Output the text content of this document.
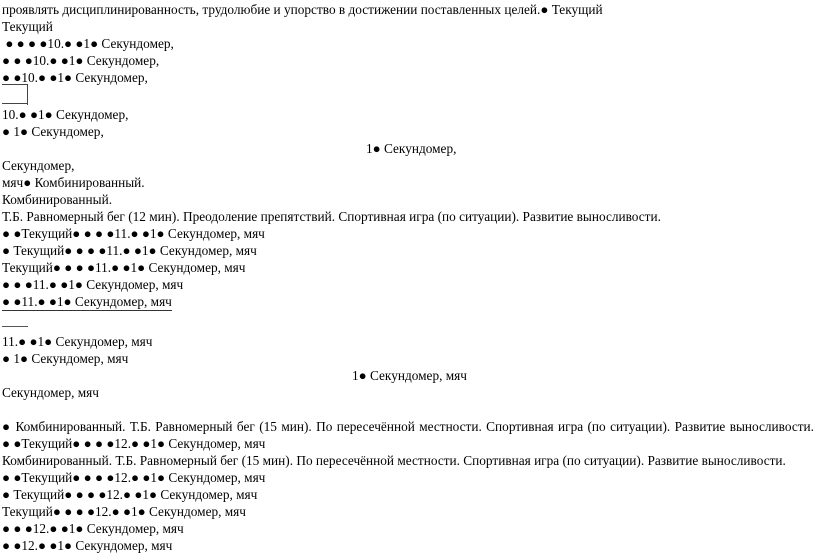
проявлять дисциплинированность, трудолюбие и упорство в достижении поставленных целей.● Текущий
Текущий
● ● ● ●10.● ●1● Секундомер,
● ● ●10.● ●1● Секундомер,
● ●10.● ●1● Секундомер,
10.● ●1● Секундомер,
● 1● Секундомер,
1● Секундомер,
Секундомер,
мяч● Комбинированный.
Комбинированный.
Т.Б. Равномерный бег (12 мин). Преодоление препятствий. Спортивная игра (по ситуации). Развитие выносливости.
● ●Текущий● ● ● ●11.● ●1● Секундомер, мяч
● Текущий● ● ● ●11.● ●1● Секундомер, мяч
Текущий● ● ● ●11.● ●1● Секундомер, мяч
● ● ●11.● ●1● Секундомер, мяч
● ●11.● ●1● Секундомер, мяч
11.● ●1● Секундомер, мяч
● 1● Секундомер, мяч
1● Секундомер, мяч
Секундомер, мяч
● Комбинированный. Т.Б. Равномерный бег (15 мин). По пересечённой местности. Спортивная игра (по ситуации). Развитие выносливости.
● ●Текущий● ● ● ●12.● ●1● Секундомер, мяч
Комбинированный. Т.Б. Равномерный бег (15 мин). По пересечённой местности. Спортивная игра (по ситуации). Развитие выносливости.
● ●Текущий● ● ● ●12.● ●1● Секундомер, мяч
● Текущий● ● ● ●12.● ●1● Секундомер, мяч
Текущий● ● ● ●12.● ●1● Секундомер, мяч
● ● ●12.● ●1● Секундомер, мяч
● ●12.● ●1● Секундомер, мяч
